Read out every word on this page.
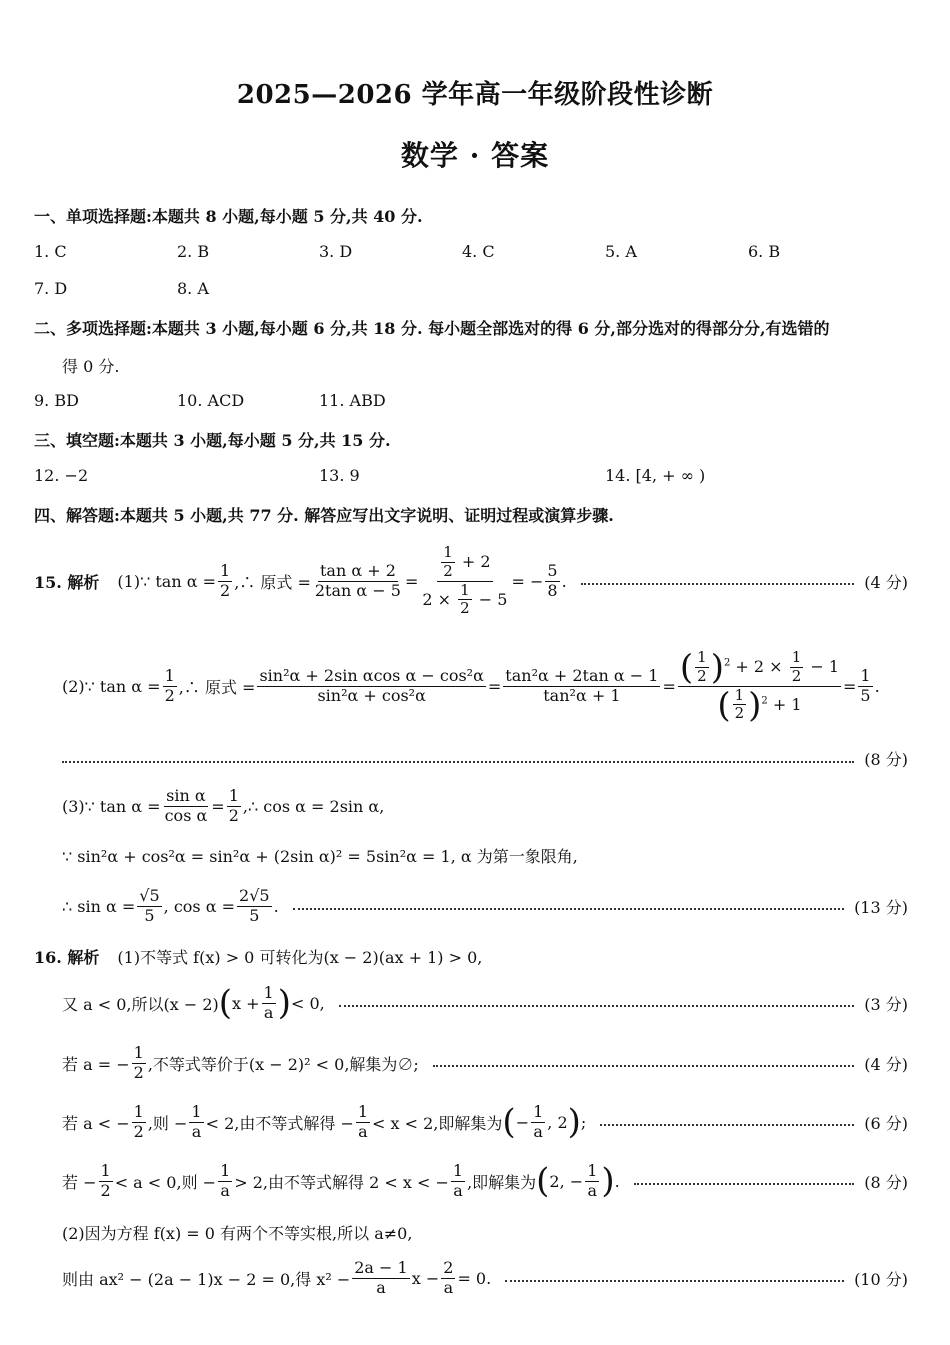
2025—2026 学年高一年级阶段性诊断
数学 · 答案
一、单项选择题:本题共 8 小题,每小题 5 分,共 40 分.
1. C	2. B	3. D	4. C	5. A	6. B
7. D	8. A
二、多项选择题:本题共 3 小题,每小题 6 分,共 18 分. 每小题全部选对的得 6 分,部分选对的得部分分,有选错的
得 0 分.
9. BD	10. ACD	11. ABD
三、填空题:本题共 3 小题,每小题 5 分,共 15 分.
12. −2	13. 9	14. [4, + ∞ )
四、解答题:本题共 5 小题,共 77 分. 解答应写出文字说明、证明过程或演算步骤.
15. 解析 (1)∵ $\tan \alpha = \frac{1}{2}$ ,∴ 原式 = $\frac{\text{tan α + 2}}{\text{2tan α − 5}} = \frac{\frac{1}{2} + 2}{2 \times \frac{1}{2} - 5}$ = − $\frac{5}{8}$ .	(4 分)
(2)∵ $\tan \alpha = \frac{1}{2}$ ,∴ 原式 = $\frac{\text{sin²α + 2sin αcos α − cos²α}}{\text{sin²α + cos²α}} = \frac{\text{tan²α + 2tan α − 1}}{\text{tan²α + 1}} = \frac{( \frac{1}{2} )^2 + 2 \times \frac{1}{2} - 1}{( \frac{1}{2} )^2 + 1} = \frac{1}{5}$ .
(8 分)
(3)∵ $\tan \alpha = \frac{\text{sin α}}{\text{cos α}} = \frac{1}{2}$ ,∴ cos α = 2sin α,
∵ sin²α + cos²α = sin²α + (2sin α)² = 5sin²α = 1, α 为第一象限角,
∴ $\sin \alpha = \frac{√5}{5}$ , $\cos \alpha = \frac{2√5}{5}$ .	(13 分)
16. 解析 (1)不等式 f(x) > 0 可转化为(x − 2)(ax + 1) > 0,
又 a < 0,所以(x − 2) ( $x + \frac{1}{a}$ ) < 0,	(3 分)
若 a = − $\frac{1}{2}$ ,不等式等价于(x − 2)² < 0,解集为∅;	(4 分)
若 a < − $\frac{1}{2}$ ,则 − $\frac{1}{a} < 2$,由不等式解得 − $\frac{1}{a} < x < 2$,即解集为 ( − $\frac{1}{a}$ , 2 ) ;	(6 分)
若 − $\frac{1}{2} < a < 0$,则 − $\frac{1}{a} > 2$,由不等式解得 2 < x < − $\frac{1}{a}$ ,即解集为 ( 2, − $\frac{1}{a}$ ) .	(8 分)
(2)因为方程 f(x) = 0 有两个不等实根,所以 a≠0,
则由 ax² − (2a − 1)x − 2 = 0,得 $x^2 - \frac{2a - 1}{a}$ $x - \frac{2}{a} = 0$.	(10 分)
